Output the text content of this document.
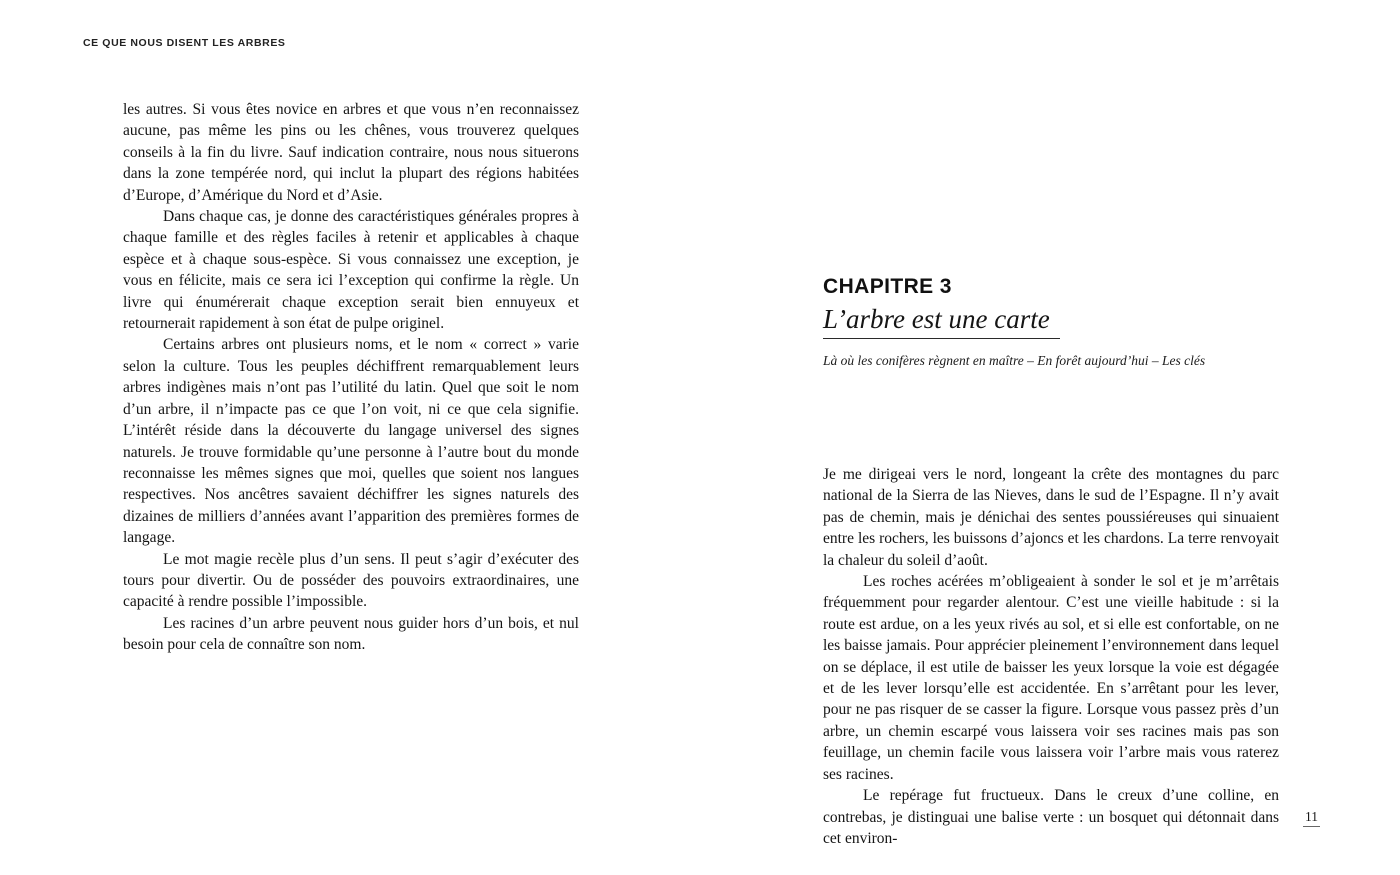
CE QUE NOUS DISENT LES ARBRES

les autres. Si vous êtes novice en arbres et que vous n’en reconnaissez aucune, pas même les pins ou les chênes, vous trouverez quelques conseils à la fin du livre. Sauf indication contraire, nous nous situerons dans la zone tempérée nord, qui inclut la plupart des régions habitées d’Europe, d’Amérique du Nord et d’Asie.

Dans chaque cas, je donne des caractéristiques générales propres à chaque famille et des règles faciles à retenir et applicables à chaque espèce et à chaque sous-espèce. Si vous connaissez une exception, je vous en félicite, mais ce sera ici l’exception qui confirme la règle. Un livre qui énumérerait chaque exception serait bien ennuyeux et retournerait rapidement à son état de pulpe originel.

Certains arbres ont plusieurs noms, et le nom « correct » varie selon la culture. Tous les peuples déchiffrent remarquablement leurs arbres indigènes mais n’ont pas l’utilité du latin. Quel que soit le nom d’un arbre, il n’impacte pas ce que l’on voit, ni ce que cela signifie. L’intérêt réside dans la découverte du langage universel des signes naturels. Je trouve formidable qu’une personne à l’autre bout du monde reconnaisse les mêmes signes que moi, quelles que soient nos langues respectives. Nos ancêtres savaient déchiffrer les signes naturels des dizaines de milliers d’années avant l’apparition des premières formes de langage.

Le mot magie recèle plus d’un sens. Il peut s’agir d’exécuter des tours pour divertir. Ou de posséder des pouvoirs extraordinaires, une capacité à rendre possible l’impossible.

Les racines d’un arbre peuvent nous guider hors d’un bois, et nul besoin pour cela de connaître son nom.

CHAPITRE 3
L’arbre est une carte
Là où les conifères règnent en maître – En forêt aujourd’hui – Les clés

Je me dirigeai vers le nord, longeant la crête des montagnes du parc national de la Sierra de las Nieves, dans le sud de l’Espagne. Il n’y avait pas de chemin, mais je dénichai des sentes poussiéreuses qui sinuaient entre les rochers, les buissons d’ajoncs et les chardons. La terre renvoyait la chaleur du soleil d’août.

Les roches acérées m’obligeaient à sonder le sol et je m’arrêtais fréquemment pour regarder alentour. C’est une vieille habitude : si la route est ardue, on a les yeux rivés au sol, et si elle est confortable, on ne les baisse jamais. Pour apprécier pleinement l’environnement dans lequel on se déplace, il est utile de baisser les yeux lorsque la voie est dégagée et de les lever lorsqu’elle est accidentée. En s’arrêtant pour les lever, pour ne pas risquer de se casser la figure. Lorsque vous passez près d’un arbre, un chemin escarpé vous laissera voir ses racines mais pas son feuillage, un chemin facile vous laissera voir l’arbre mais vous raterez ses racines.

Le repérage fut fructueux. Dans le creux d’une colline, en contrebas, je distinguai une balise verte : un bosquet qui détonnait dans cet environ-

11
